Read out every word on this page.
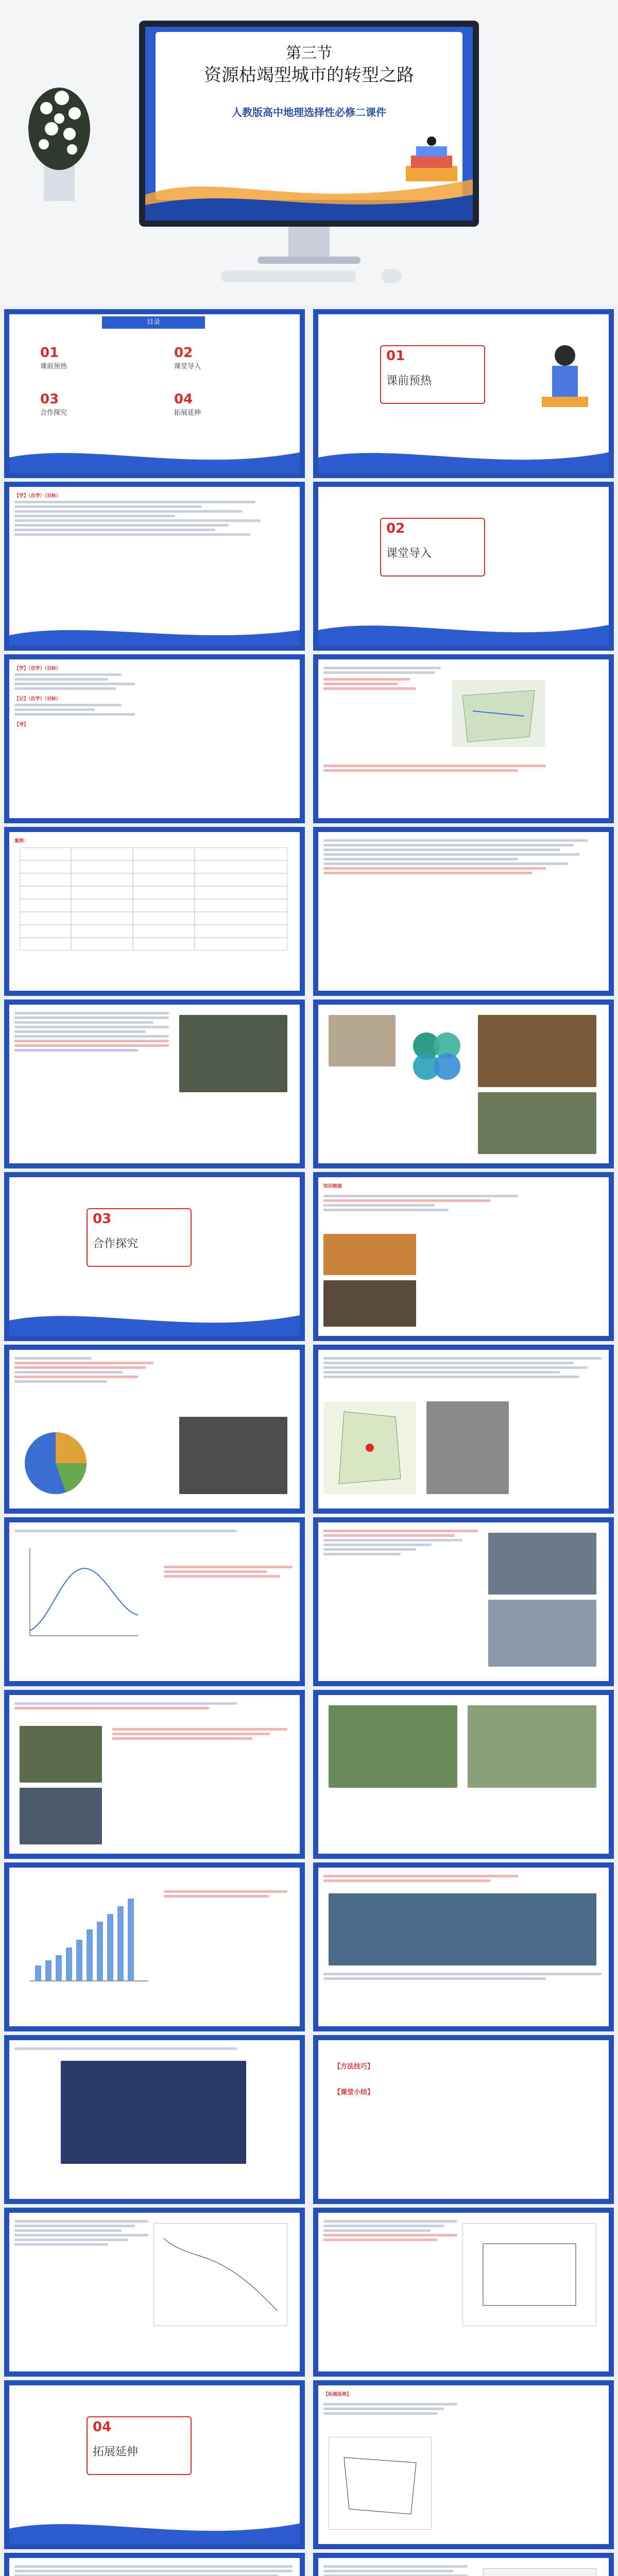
第三节
资源枯竭型城市的转型之路
人教版高中地理选择性必修二课件
目录
01
课前预热
02
课堂导入
03
合作探究
04
拓展延伸
01
课前预热
【学】（自学）（目标）
02
课堂导入
【学】（自学）（目标）
【记】（自学）（目标）
【导】
案例：
03
合作探究
知识链接
【方法技巧】
【课堂小结】
04
拓展延伸
【拓展延伸】
